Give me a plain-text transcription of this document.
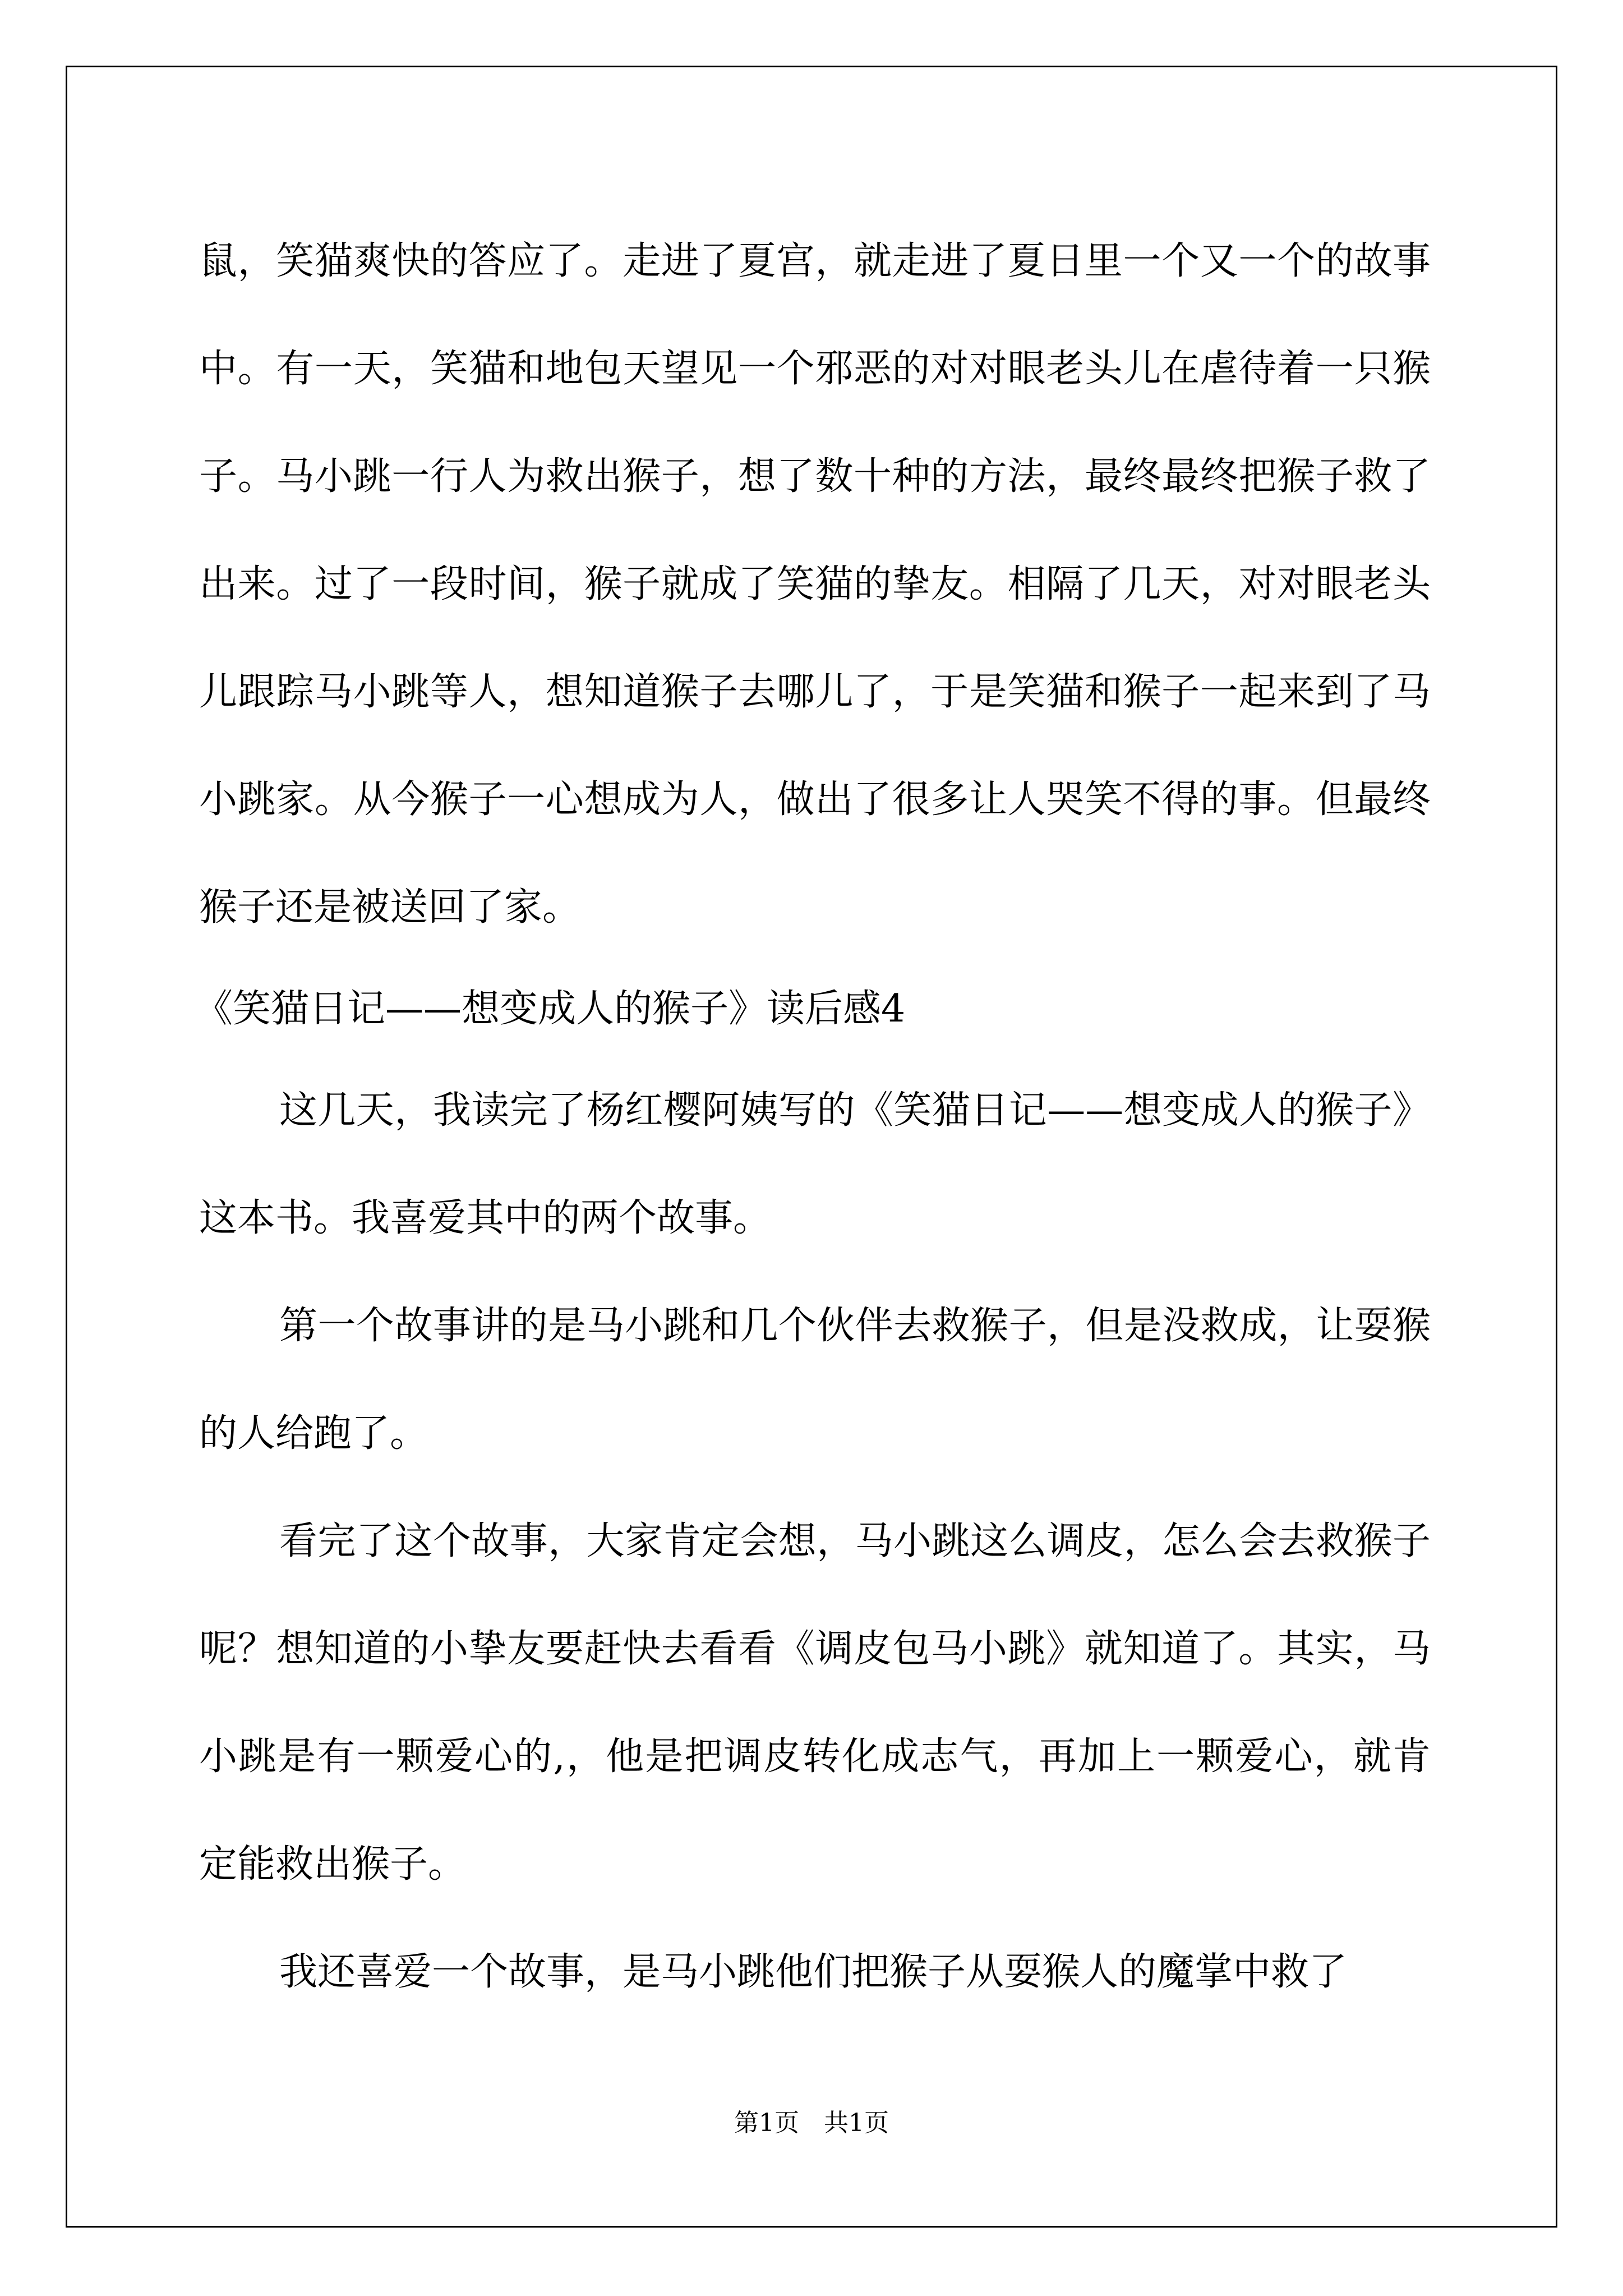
鼠，笑猫爽快的答应了。走进了夏宫，就走进了夏日里一个又一个的故事中。有一天，笑猫和地包天望见一个邪恶的对对眼老头儿在虐待着一只猴子。马小跳一行人为救出猴子，想了数十种的方法，最终最终把猴子救了出来。过了一段时间，猴子就成了笑猫的挚友。相隔了几天，对对眼老头儿跟踪马小跳等人，想知道猴子去哪儿了，于是笑猫和猴子一起来到了马小跳家。从今猴子一心想成为人，做出了很多让人哭笑不得的事。但最终猴子还是被送回了家。

《笑猫日记——想变成人的猴子》读后感4

这几天，我读完了杨红樱阿姨写的《笑猫日记——想变成人的猴子》这本书。我喜爱其中的两个故事。

第一个故事讲的是马小跳和几个伙伴去救猴子，但是没救成，让耍猴的人给跑了。

看完了这个故事，大家肯定会想，马小跳这么调皮，怎么会去救猴子呢？想知道的小挚友要赶快去看看《调皮包马小跳》就知道了。其实，马小跳是有一颗爱心的,，他是把调皮转化成志气，再加上一颗爱心，就肯定能救出猴子。

我还喜爱一个故事，是马小跳他们把猴子从耍猴人的魔掌中救了

第1页　共1页
